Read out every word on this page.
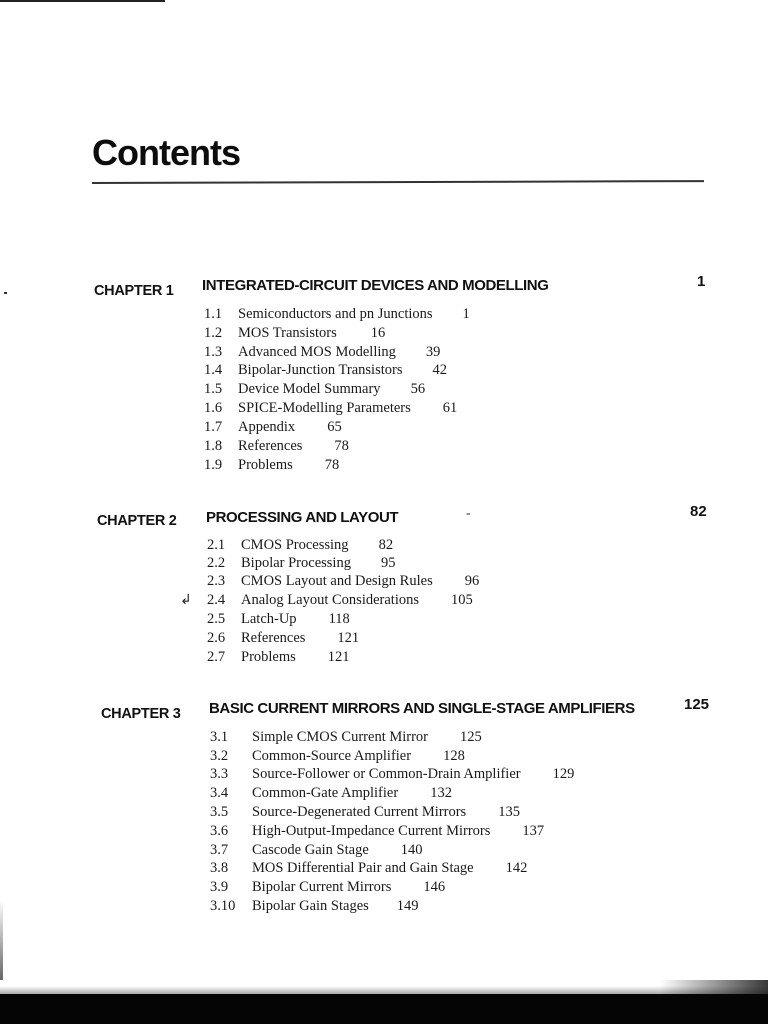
Contents
CHAPTER 1 INTEGRATED-CIRCUIT DEVICES AND MODELLING	1
1.1 Semiconductors and pn Junctions 1
1.2 MOS Transistors 16
1.3 Advanced MOS Modelling 39
1.4 Bipolar-Junction Transistors 42
1.5 Device Model Summary 56
1.6 SPICE-Modelling Parameters 61
1.7 Appendix 65
1.8 References 78
1.9 Problems 78
CHAPTER 2 PROCESSING AND LAYOUT	-	82
2.1 CMOS Processing 82
2.2 Bipolar Processing 95
2.3 CMOS Layout and Design Rules 96
↲ 2.4 Analog Layout Considerations 105
2.5 Latch-Up 118
2.6 References 121
2.7 Problems 121
CHAPTER 3 BASIC CURRENT MIRRORS AND SINGLE-STAGE AMPLIFIERS	125
3.1 Simple CMOS Current Mirror 125
3.2 Common-Source Amplifier 128
3.3 Source-Follower or Common-Drain Amplifier 129
3.4 Common-Gate Amplifier 132
3.5 Source-Degenerated Current Mirrors 135
3.6 High-Output-Impedance Current Mirrors 137
3.7 Cascode Gain Stage 140
3.8 MOS Differential Pair and Gain Stage 142
3.9 Bipolar Current Mirrors 146
3.10 Bipolar Gain Stages 149
